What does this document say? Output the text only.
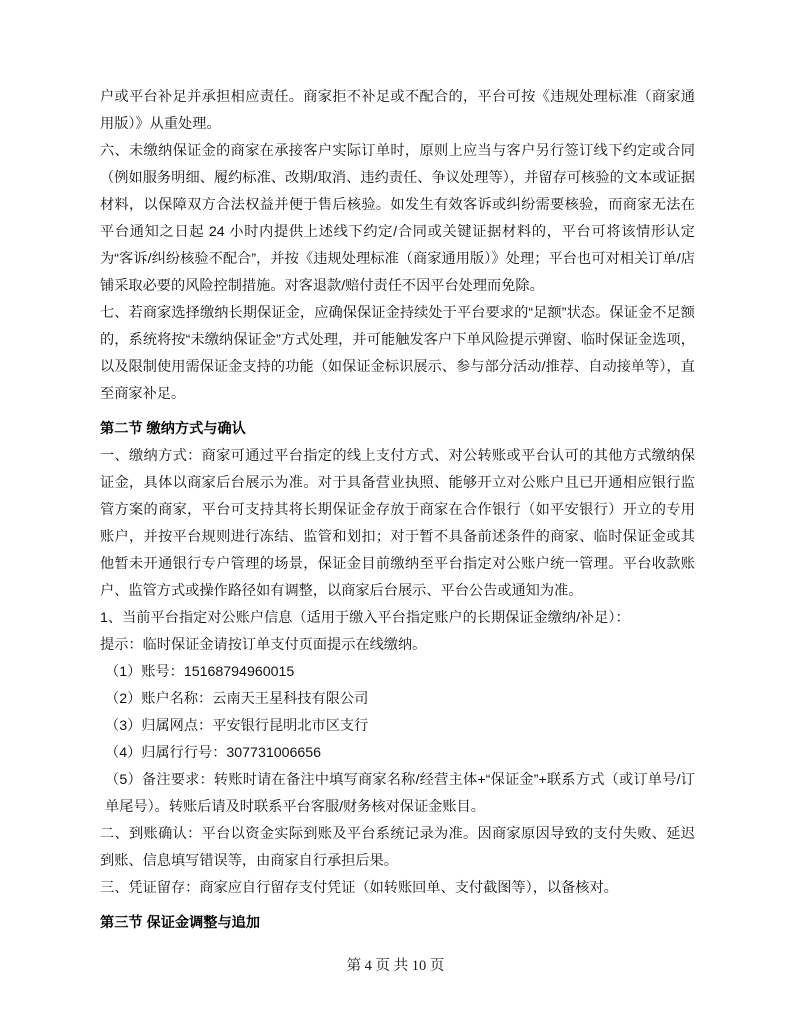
户或平台补足并承担相应责任。商家拒不补足或不配合的，平台可按《违规处理标准（商家通用版）》从重处理。

六、未缴纳保证金的商家在承接客户实际订单时，原则上应当与客户另行签订线下约定或合同（例如服务明细、履约标准、改期/取消、违约责任、争议处理等），并留存可核验的文本或证据材料，以保障双方合法权益并便于售后核验。如发生有效客诉或纠纷需要核验，而商家无法在平台通知之日起 24 小时内提供上述线下约定/合同或关键证据材料的，平台可将该情形认定为“客诉/纠纷核验不配合”，并按《违规处理标准（商家通用版）》处理；平台也可对相关订单/店铺采取必要的风险控制措施。对客退款/赔付责任不因平台处理而免除。

七、若商家选择缴纳长期保证金，应确保保证金持续处于平台要求的“足额”状态。保证金不足额的，系统将按“未缴纳保证金”方式处理，并可能触发客户下单风险提示弹窗、临时保证金选项，以及限制使用需保证金支持的功能（如保证金标识展示、参与部分活动/推荐、自动接单等），直至商家补足。

第二节 缴纳方式与确认

一、缴纳方式：商家可通过平台指定的线上支付方式、对公转账或平台认可的其他方式缴纳保证金，具体以商家后台展示为准。对于具备营业执照、能够开立对公账户且已开通相应银行监管方案的商家，平台可支持其将长期保证金存放于商家在合作银行（如平安银行）开立的专用账户，并按平台规则进行冻结、监管和划扣；对于暂不具备前述条件的商家、临时保证金或其他暂未开通银行专户管理的场景，保证金目前缴纳至平台指定对公账户统一管理。平台收款账户、监管方式或操作路径如有调整，以商家后台展示、平台公告或通知为准。

1、当前平台指定对公账户信息（适用于缴入平台指定账户的长期保证金缴纳/补足）：

提示：临时保证金请按订单支付页面提示在线缴纳。

（1）账号：15168794960015

（2）账户名称：云南天王星科技有限公司

（3）归属网点：平安银行昆明北市区支行

（4）归属行行号：307731006656

（5）备注要求：转账时请在备注中填写商家名称/经营主体+“保证金”+联系方式（或订单号/订单尾号）。转账后请及时联系平台客服/财务核对保证金账目。

二、到账确认：平台以资金实际到账及平台系统记录为准。因商家原因导致的支付失败、延迟到账、信息填写错误等，由商家自行承担后果。

三、凭证留存：商家应自行留存支付凭证（如转账回单、支付截图等），以备核对。

第三节 保证金调整与追加

第 4 页 共 10 页
